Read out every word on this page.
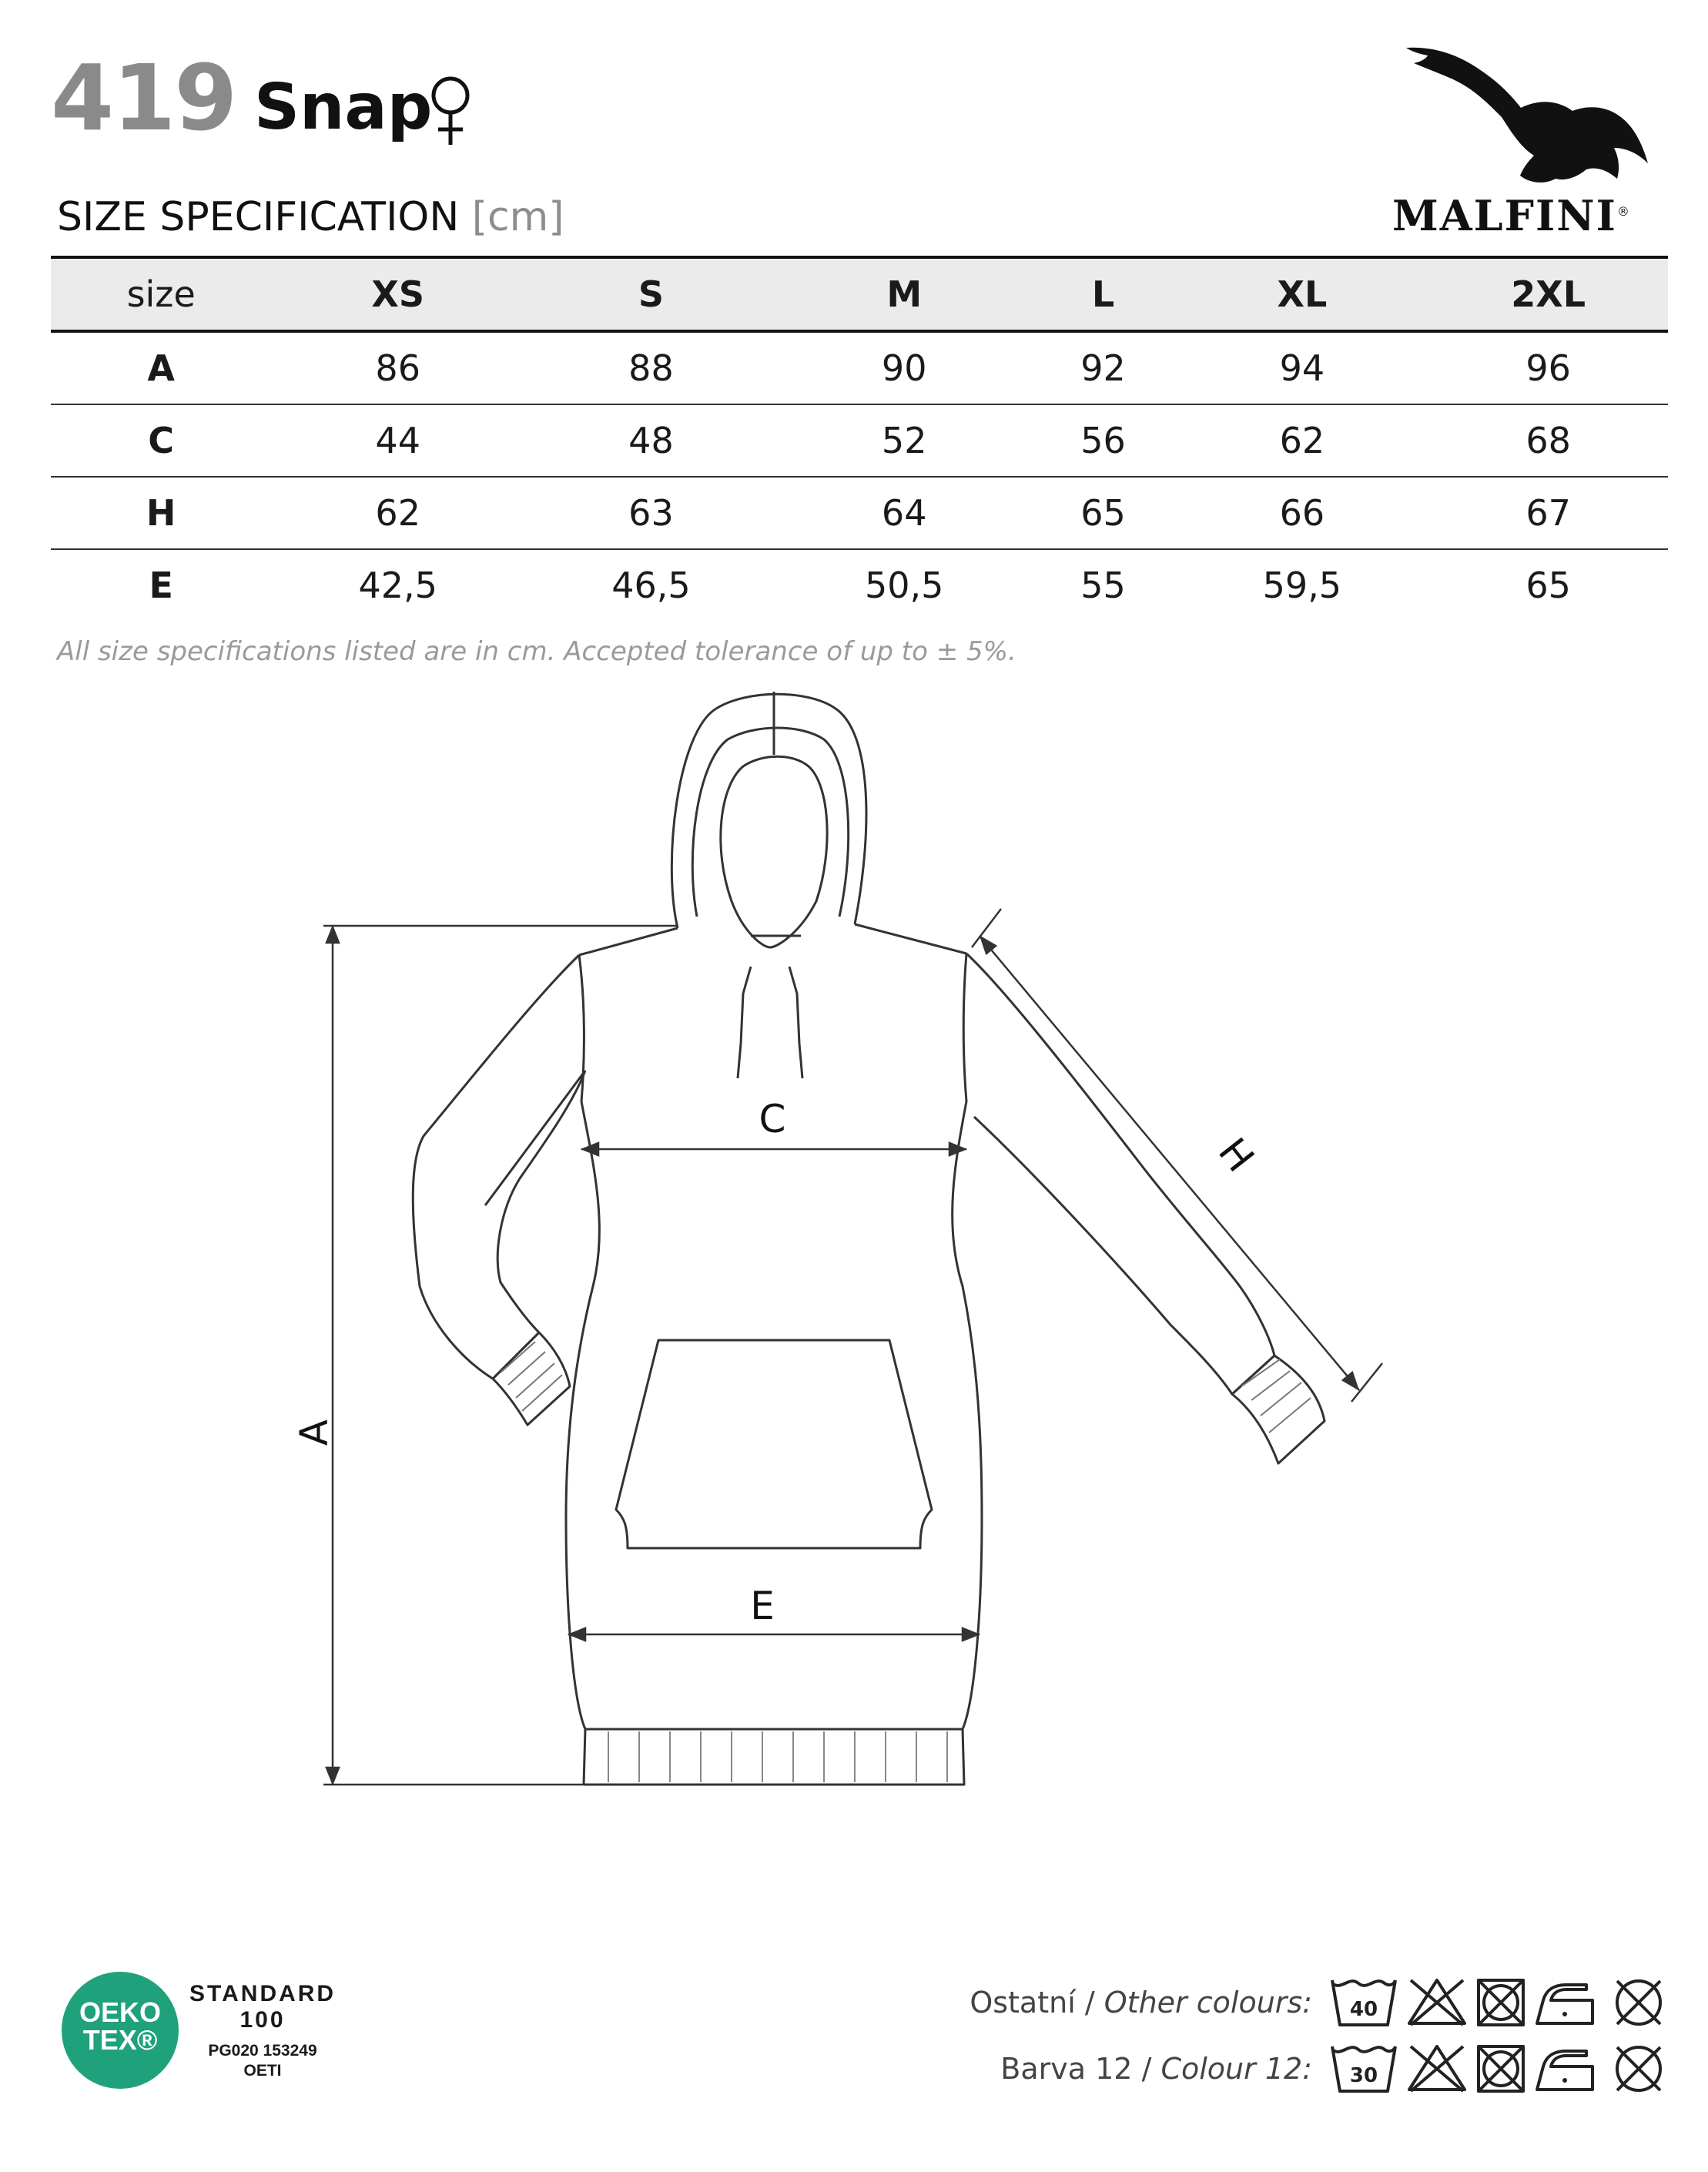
419 Snap
SIZE SPECIFICATION [cm]	MALFINI®
size	XS	S	M	L	XL	2XL
A	86	88	90	92	94	96
C	44	48	52	56	62	68
H	62	63	64	65	66	67
E	42,5	46,5	50,5	55	59,5	65
All size specifications listed are in cm. Accepted tolerance of up to ± 5%.
A
C
H
E
OEKO
TEX®
STANDARD
100
PG020 153249
OETI
Ostatní / Other colours:
Barva 12 / Colour 12:
40
30
